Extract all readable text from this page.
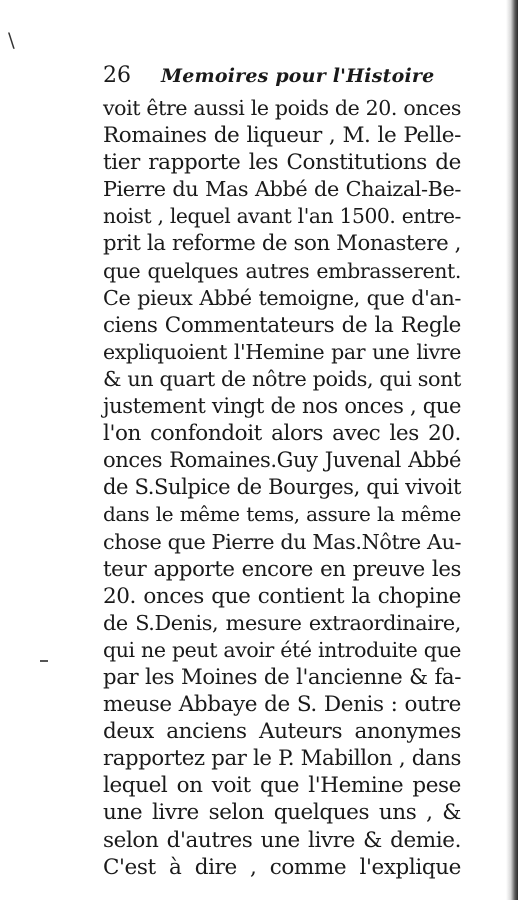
\
26	Memoires pour l'Histoire
voit être aussi le poids de 20. onces
Romaines de liqueur , M. le Pelle-
tier rapporte les Constitutions de
Pierre du Mas Abbé de Chaizal-Be-
noist , lequel avant l'an 1500. entre-
prit la reforme de son Monastere ,
que quelques autres embrasserent.
Ce pieux Abbé temoigne, que d'an-
ciens Commentateurs de la Regle
expliquoient l'Hemine par une livre
& un quart de nôtre poids, qui sont
justement vingt de nos onces , que
l'on confondoit alors avec les 20.
onces Romaines.Guy Juvenal Abbé
de S.Sulpice de Bourges, qui vivoit
dans le même tems, assure la même
chose que Pierre du Mas.Nôtre Au-
teur apporte encore en preuve les
20. onces que contient la chopine
de S.Denis, mesure extraordinaire,
qui ne peut avoir été introduite que
par les Moines de l'ancienne & fa-
meuse Abbaye de S. Denis : outre
deux anciens Auteurs anonymes
rapportez par le P. Mabillon , dans
lequel on voit que l'Hemine pese
une livre selon quelques uns , &
selon d'autres une livre & demie.
C'est à dire , comme l'explique
